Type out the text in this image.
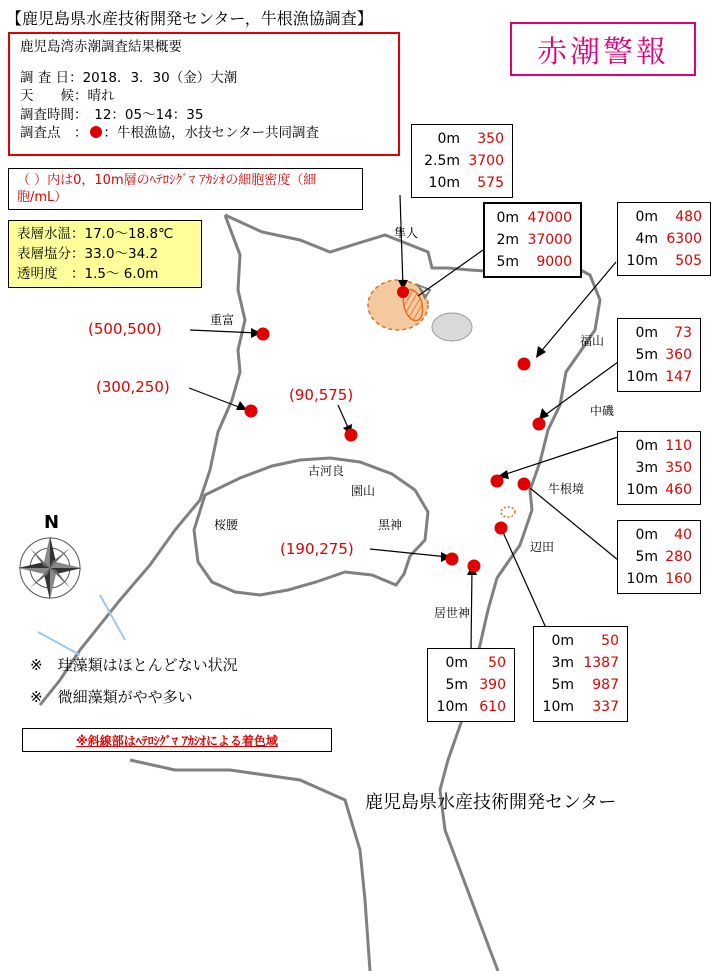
【鹿児島県水産技術開発センター，牛根漁協調査】
赤潮警報
鹿児島湾赤潮調査結果概要
調 査 日：2018．3．30（金）大潮
天　　候：晴れ
調査時間：　12：05～14：35
調査点　： ：牛根漁協，水技センター共同調査
（ ）内は0，10m層のﾍﾃﾛｼｸﾞﾏ ｱｶｼｵの細胞密度（細胞/mL）
表層水温：17.0～18.8℃
表層塩分：33.0～34.2
透明度　：1.5～ 6.0m
0m	350
2.5m 3700
10m	575
0m 47000
2m 37000
5m	9000
0m	480
4m 6300
10m	505
0m	73
5m 360
10m 147
0m 110
3m 350
10m 460
0m	40
5m 280
10m 160
0m	50
5m 390
10m 610
0m	50
3m 1387
5m	987
10m	337
(500,500)
(300,250)	(90,575)
(190,275)
隼人
重富
福山
中磯
古河良
園山	牛根境
桜腰	黒神
辺田
居世神
N
※　珪藻類はほとんどない状況
※　微細藻類がやや多い
※斜線部はﾍﾃﾛｼｸﾞﾏ ｱｶｼｵによる着色域
鹿児島県水産技術開発センター
